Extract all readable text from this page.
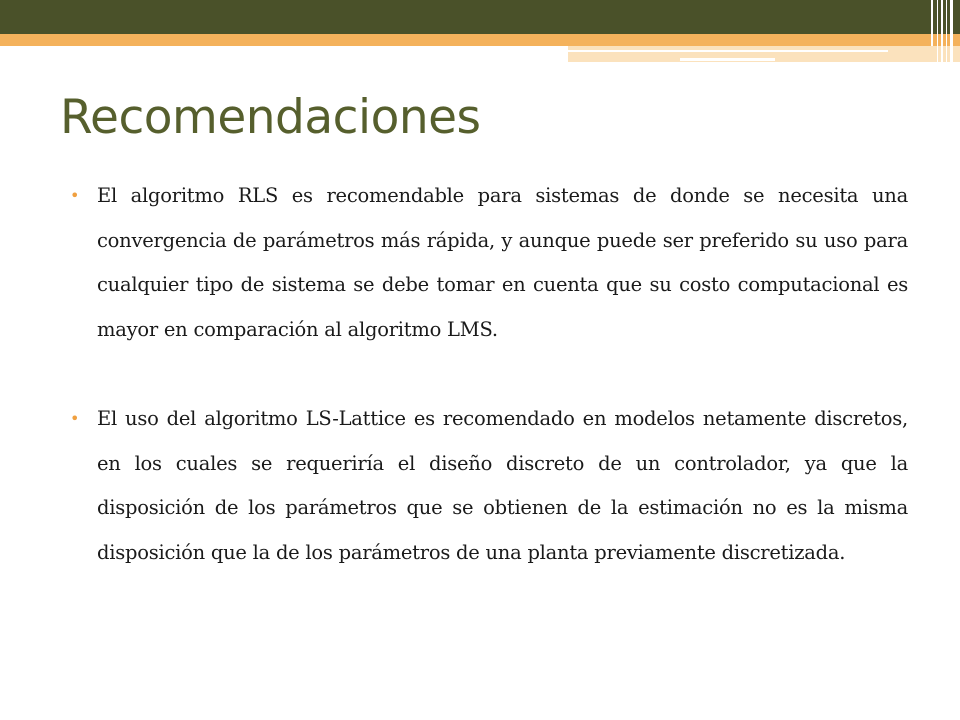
Recomendaciones
• El algoritmo RLS es recomendable para sistemas de donde se necesita una convergencia de parámetros más rápida, y aunque puede ser preferido su uso para cualquier tipo de sistema se debe tomar en cuenta que su costo computacional es mayor en comparación al algoritmo LMS.
• El uso del algoritmo LS-Lattice es recomendado en modelos netamente discretos, en los cuales se requeriría el diseño discreto de un controlador, ya que la disposición de los parámetros que se obtienen de la estimación no es la misma disposición que la de los parámetros de una planta previamente discretizada.
